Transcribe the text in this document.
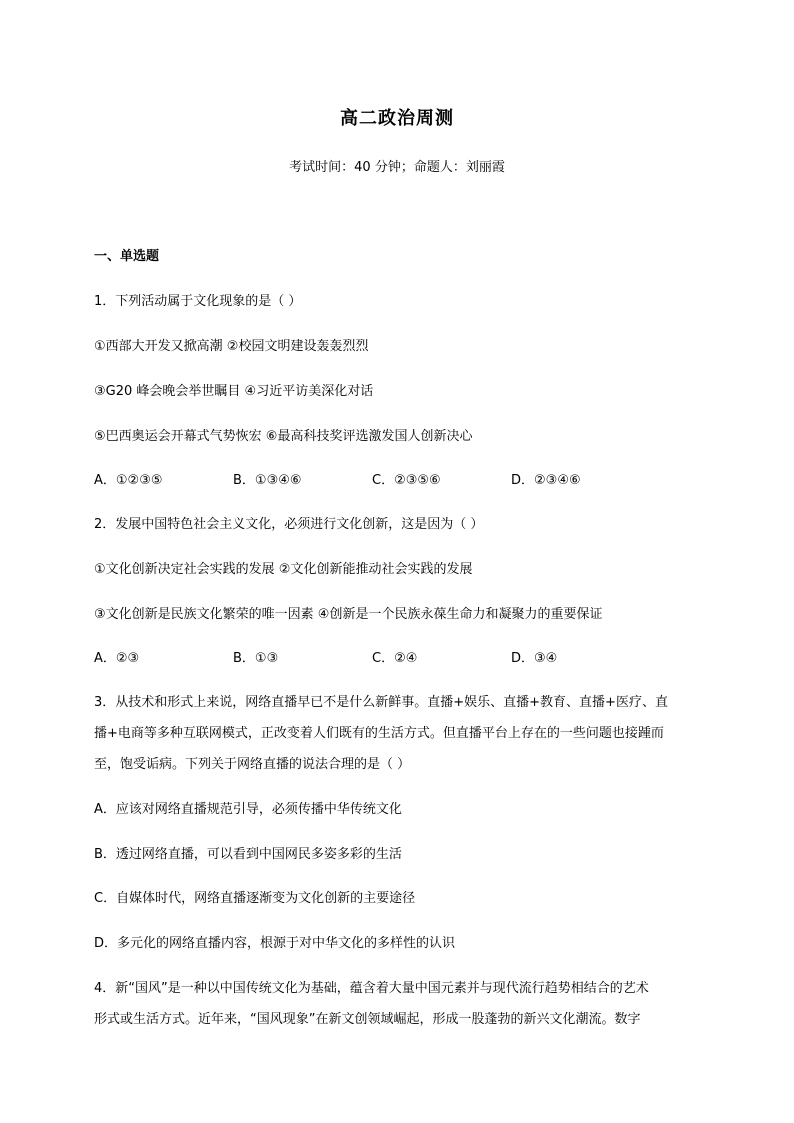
高二政治周测
考试时间：40 分钟；命题人：刘丽霞
一、单选题
1．下列活动属于文化现象的是（ ）
①西部大开发又掀高潮 ②校园文明建设轰轰烈烈
③G20 峰会晚会举世瞩目 ④习近平访美深化对话
⑤巴西奥运会开幕式气势恢宏 ⑥最高科技奖评选激发国人创新决心
A．①②③⑤	B．①③④⑥	C．②③⑤⑥	D．②③④⑥
2．发展中国特色社会主义文化，必须进行文化创新，这是因为（ ）
①文化创新决定社会实践的发展 ②文化创新能推动社会实践的发展
③文化创新是民族文化繁荣的唯一因素 ④创新是一个民族永葆生命力和凝聚力的重要保证
A．②③	B．①③	C．②④	D．③④
3．从技术和形式上来说，网络直播早已不是什么新鲜事。直播+娱乐、直播+教育、直播+医疗、直
播+电商等多种互联网模式，正改变着人们既有的生活方式。但直播平台上存在的一些问题也接踵而
至，饱受诟病。下列关于网络直播的说法合理的是（ ）
A．应该对网络直播规范引导，必须传播中华传统文化
B．透过网络直播，可以看到中国网民多姿多彩的生活
C．自媒体时代，网络直播逐渐变为文化创新的主要途径
D．多元化的网络直播内容，根源于对中华文化的多样性的认识
4．新“国风”是一种以中国传统文化为基础，蕴含着大量中国元素并与现代流行趋势相结合的艺术
形式或生活方式。近年来，“国风现象”在新文创领域崛起，形成一股蓬勃的新兴文化潮流。数字
